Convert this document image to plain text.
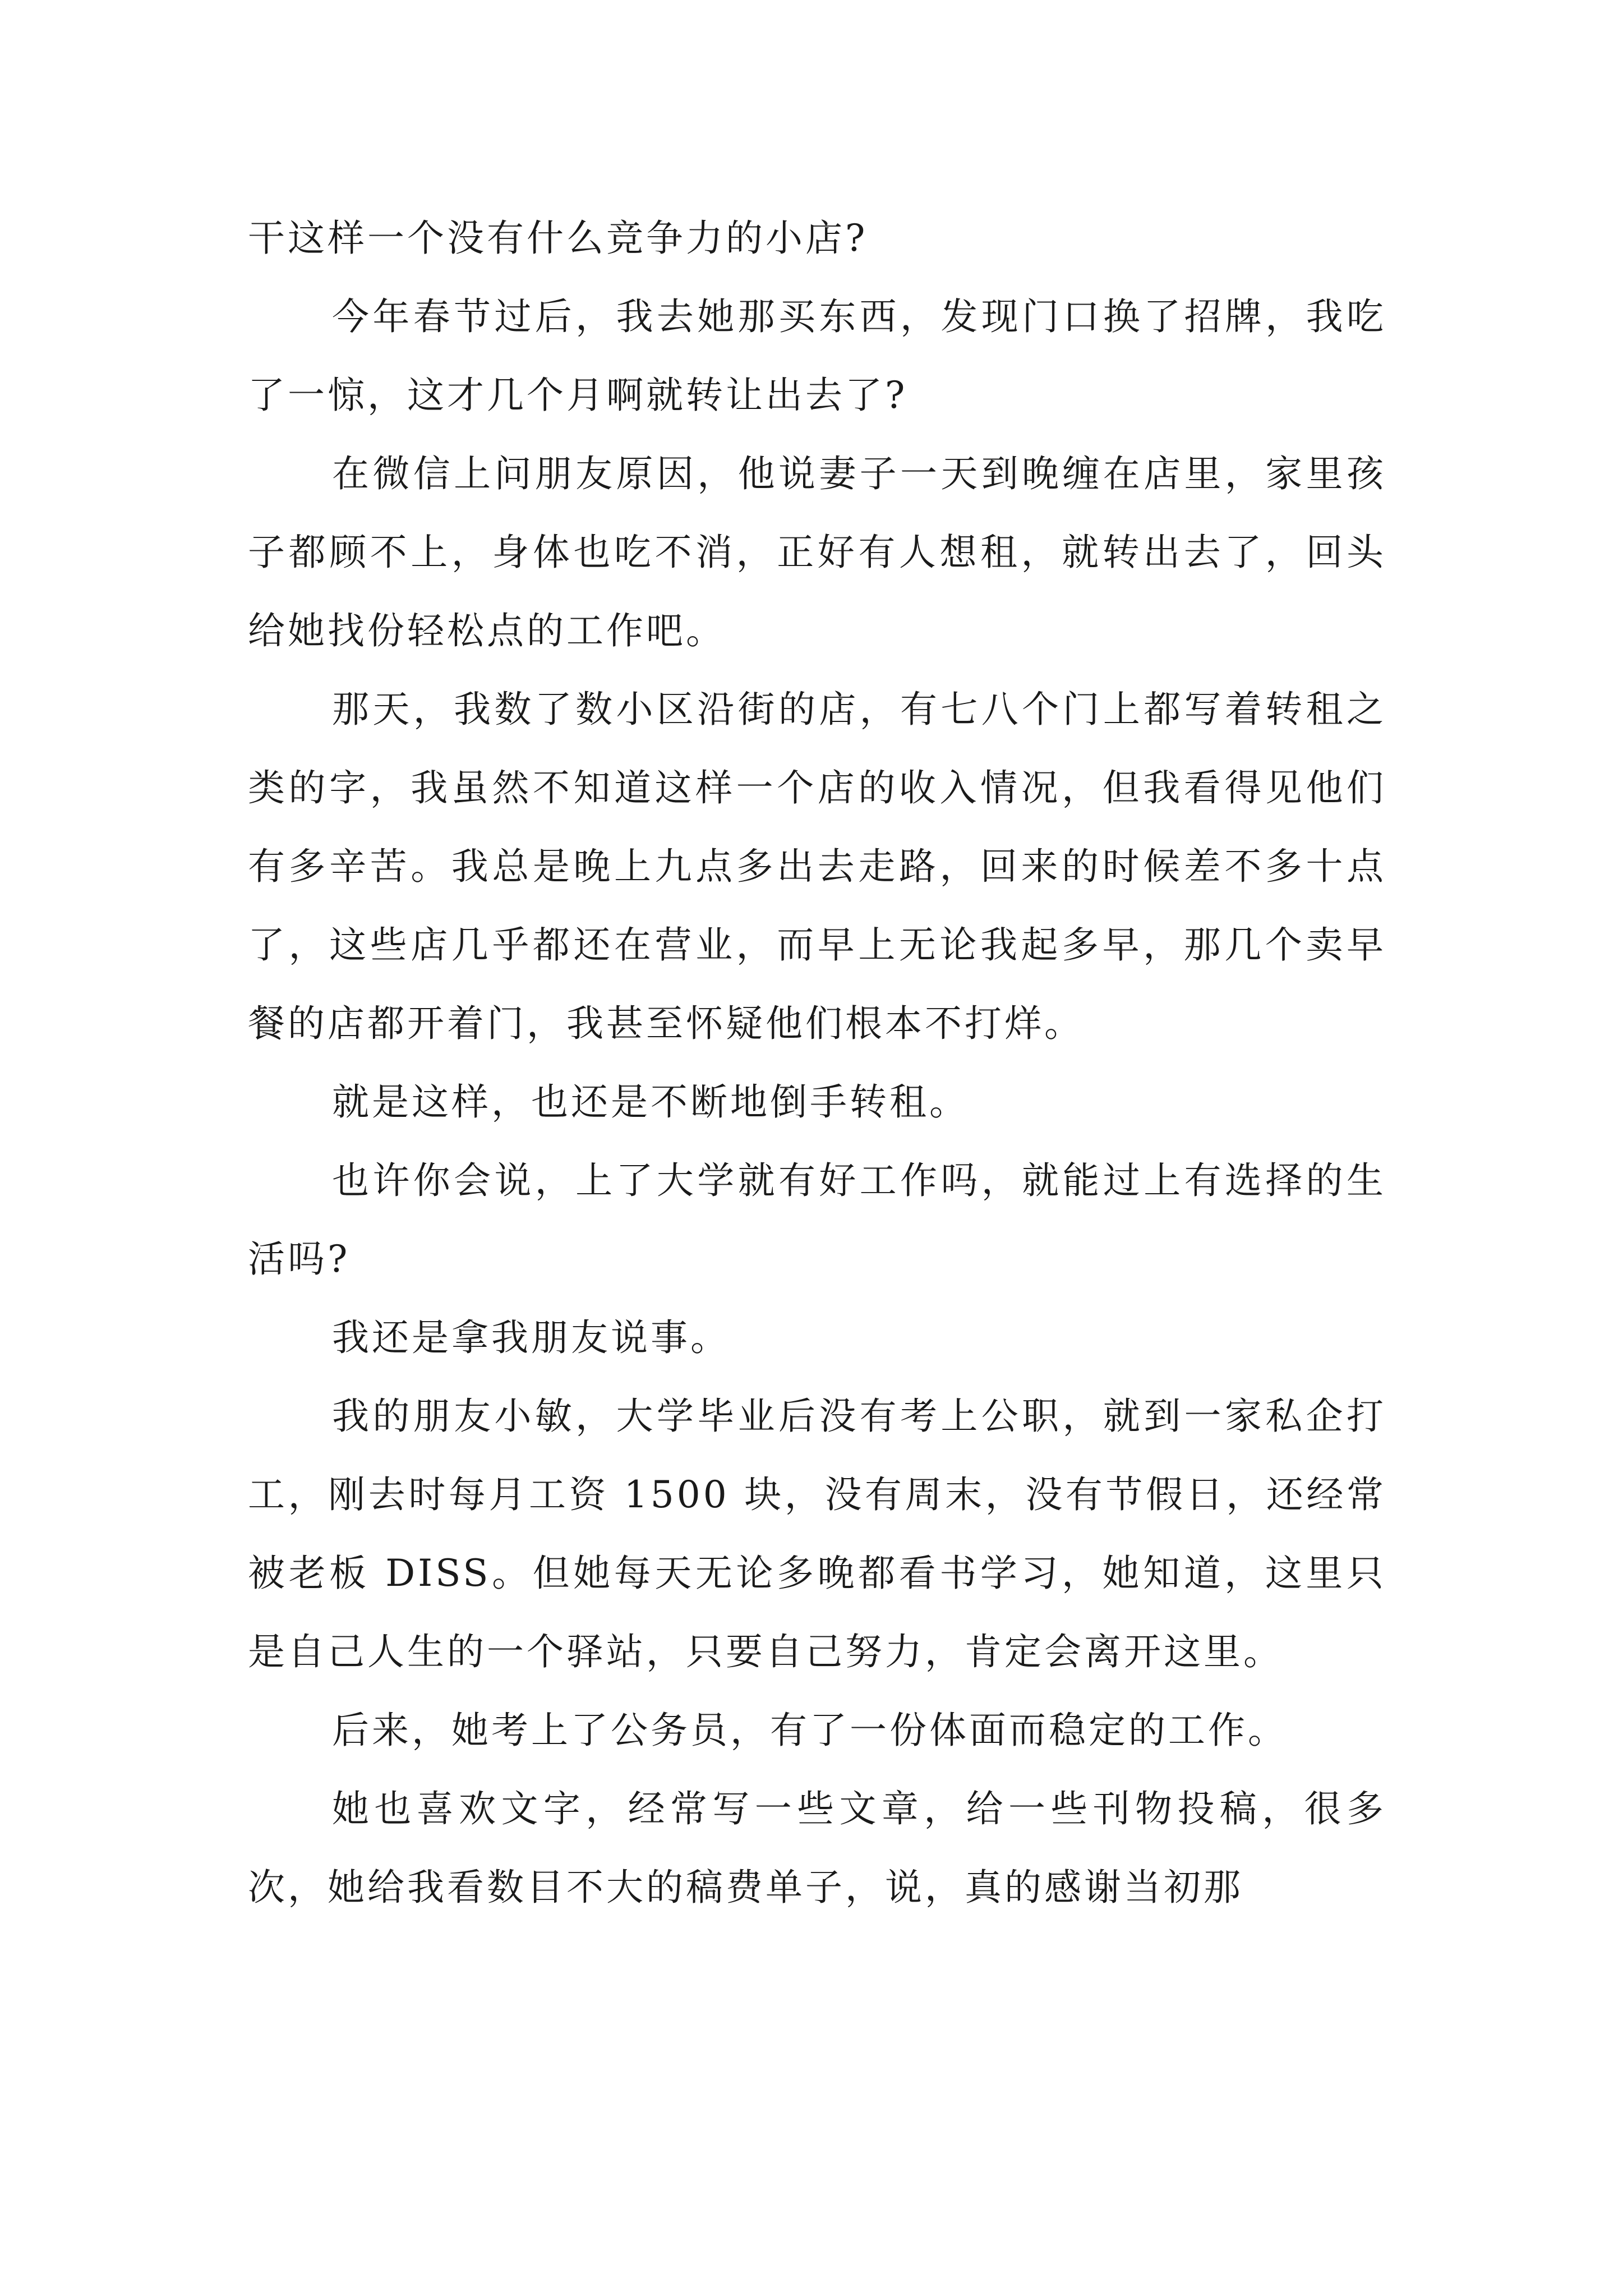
干这样一个没有什么竞争力的小店?

今年春节过后，我去她那买东西，发现门口换了招牌，我吃了一惊，这才几个月啊就转让出去了?

在微信上问朋友原因，他说妻子一天到晚缠在店里，家里孩子都顾不上，身体也吃不消，正好有人想租，就转出去了，回头给她找份轻松点的工作吧。

那天，我数了数小区沿街的店，有七八个门上都写着转租之类的字，我虽然不知道这样一个店的收入情况，但我看得见他们有多辛苦。我总是晚上九点多出去走路，回来的时候差不多十点了，这些店几乎都还在营业，而早上无论我起多早，那几个卖早餐的店都开着门，我甚至怀疑他们根本不打烊。

就是这样，也还是不断地倒手转租。

也许你会说，上了大学就有好工作吗，就能过上有选择的生活吗?

我还是拿我朋友说事。

我的朋友小敏，大学毕业后没有考上公职，就到一家私企打工，刚去时每月工资 1500 块，没有周末，没有节假日，还经常被老板 DISS。但她每天无论多晚都看书学习，她知道，这里只是自己人生的一个驿站，只要自己努力，肯定会离开这里。

后来，她考上了公务员，有了一份体面而稳定的工作。

她也喜欢文字，经常写一些文章，给一些刊物投稿，很多次，她给我看数目不大的稿费单子，说，真的感谢当初那
